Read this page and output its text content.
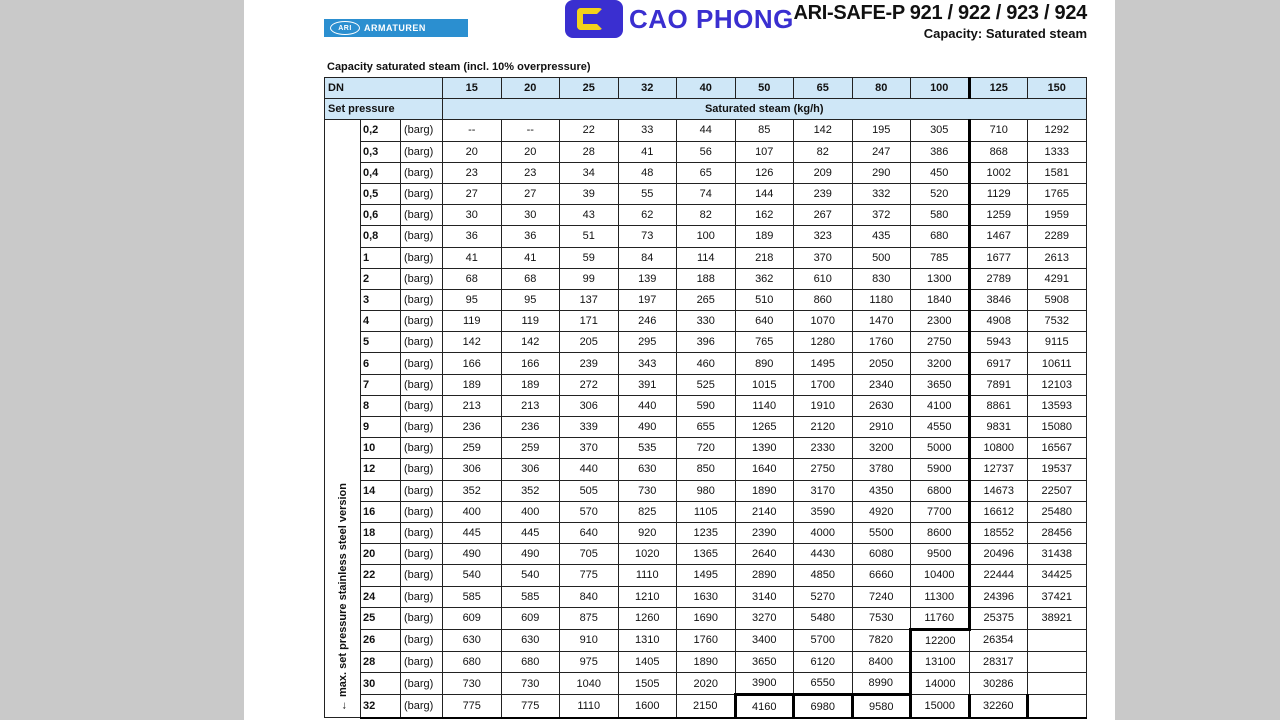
ARI	ARMATUREN	CAO PHONG ARI-SAFE-P 921 / 922 / 923 / 924
Capacity: Saturated steam
Capacity saturated steam (incl. 10% overpressure)
DN			15	20	25	32	40	50	65	80	100	125	150
Set pressure			Saturated steam (kg/h)										

← max. set pressure stainless steel version	0,2	(barg)	--	--	22	33	44	85	142	195	305	710	1292
	0,3	(barg)	20	20	28	41	56	107	82	247	386	868	1333
	0,4	(barg)	23	23	34	48	65	126	209	290	450	1002	1581
	0,5	(barg)	27	27	39	55	74	144	239	332	520	1129	1765
	0,6	(barg)	30	30	43	62	82	162	267	372	580	1259	1959
	0,8	(barg)	36	36	51	73	100	189	323	435	680	1467	2289
	1	(barg)	41	41	59	84	114	218	370	500	785	1677	2613
	2	(barg)	68	68	99	139	188	362	610	830	1300	2789	4291
	3	(barg)	95	95	137	197	265	510	860	1180	1840	3846	5908
	4	(barg)	119	119	171	246	330	640	1070	1470	2300	4908	7532
	5	(barg)	142	142	205	295	396	765	1280	1760	2750	5943	9115
	6	(barg)	166	166	239	343	460	890	1495	2050	3200	6917	10611
	7	(barg)	189	189	272	391	525	1015	1700	2340	3650	7891	12103
	8	(barg)	213	213	306	440	590	1140	1910	2630	4100	8861	13593
	9	(barg)	236	236	339	490	655	1265	2120	2910	4550	9831	15080
	10	(barg)	259	259	370	535	720	1390	2330	3200	5000	10800	16567
	12	(barg)	306	306	440	630	850	1640	2750	3780	5900	12737	19537
	14	(barg)	352	352	505	730	980	1890	3170	4350	6800	14673	22507
	16	(barg)	400	400	570	825	1105	2140	3590	4920	7700	16612	25480
	18	(barg)	445	445	640	920	1235	2390	4000	5500	8600	18552	28456
	20	(barg)	490	490	705	1020	1365	2640	4430	6080	9500	20496	31438
	22	(barg)	540	540	775	1110	1495	2890	4850	6660	10400	22444	34425
	24	(barg)	585	585	840	1210	1630	3140	5270	7240	11300	24396	37421
	25	(barg)	609	609	875	1260	1690	3270	5480	7530	11760	25375	38921
	26	(barg)	630	630	910	1310	1760	3400	5700	7820	12200	26354	
	28	(barg)	680	680	975	1405	1890	3650	6120	8400	13100	28317	
	30	(barg)	730	730	1040	1505	2020	3900	6550	8990	14000	30286	
	32	(barg)	775	775	1110	1600	2150	4160	6980	9580	15000	32260	
